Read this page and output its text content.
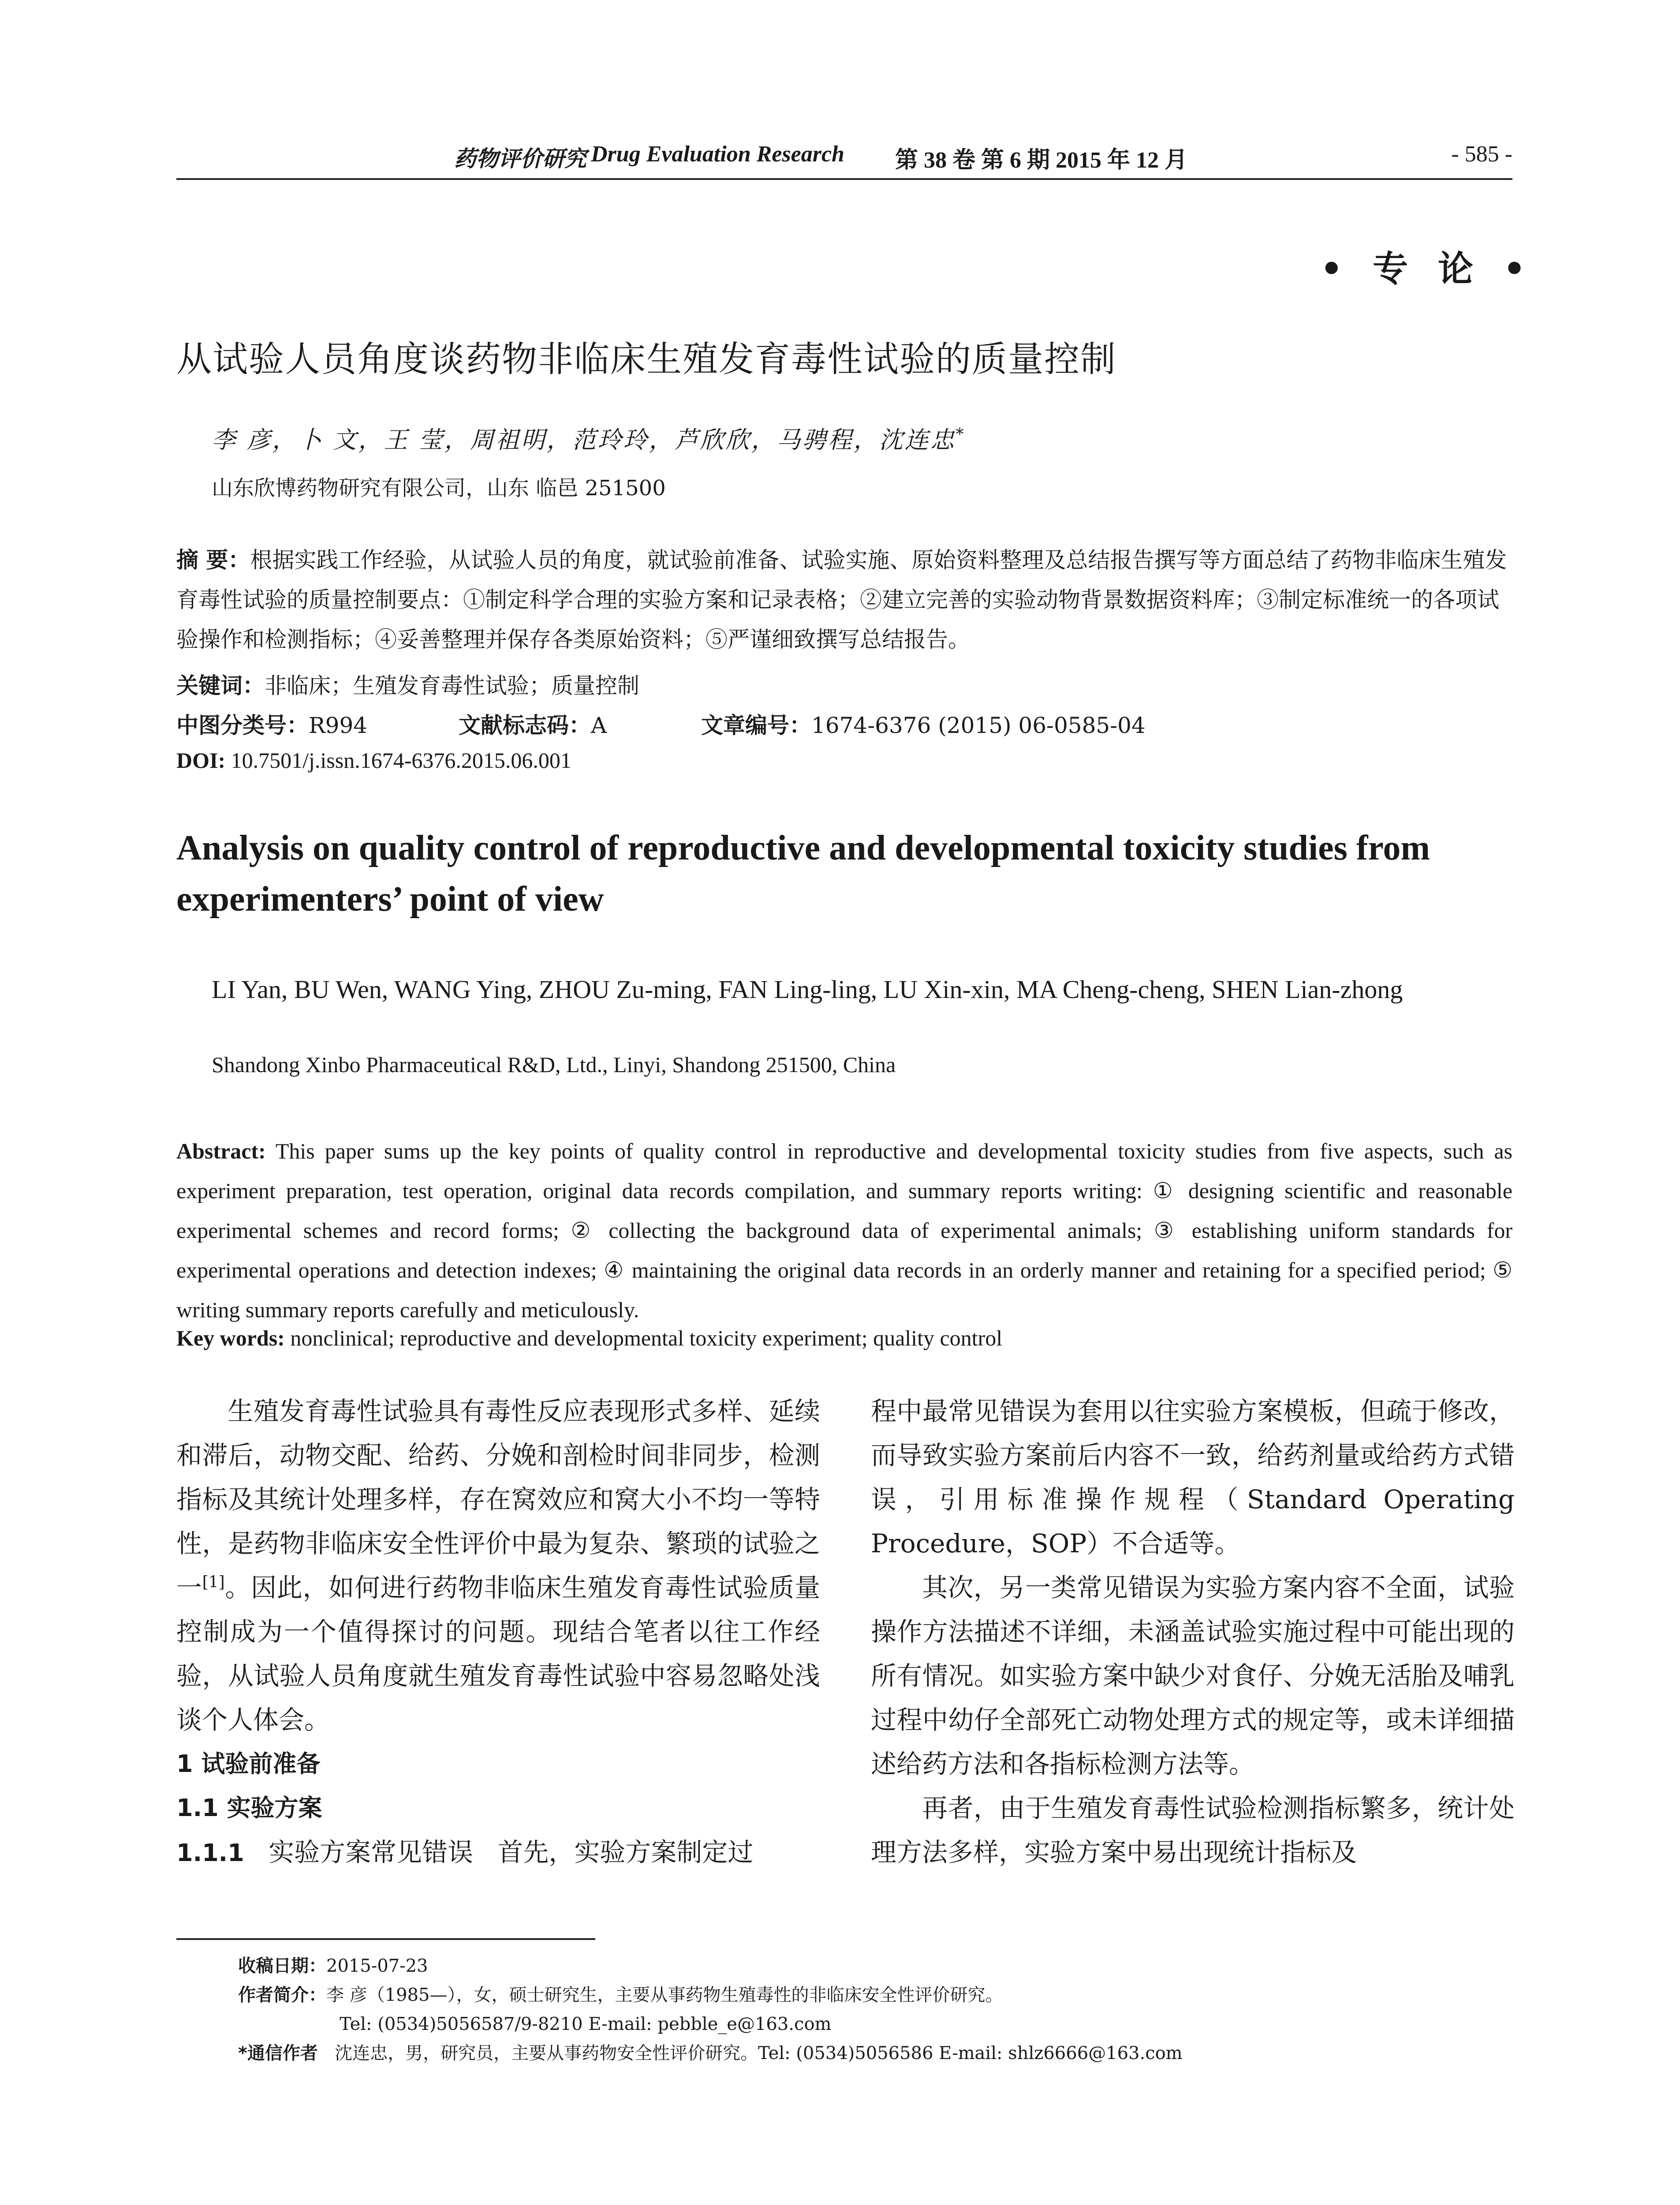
药物评价研究 Drug Evaluation Research 第 38 卷 第 6 期 2015 年 12 月	- 585 -
• 专 论 •
从试验人员角度谈药物非临床生殖发育毒性试验的质量控制
李 彦，卜 文，王 莹，周祖明，范玲玲，芦欣欣，马骋程，沈连忠*
山东欣博药物研究有限公司，山东 临邑 251500
摘 要：根据实践工作经验，从试验人员的角度，就试验前准备、试验实施、原始资料整理及总结报告撰写等方面总结了药物非临床生殖发育毒性试验的质量控制要点：①制定科学合理的实验方案和记录表格；②建立完善的实验动物背景数据资料库；③制定标准统一的各项试验操作和检测指标；④妥善整理并保存各类原始资料；⑤严谨细致撰写总结报告。
关键词：非临床；生殖发育毒性试验；质量控制
中图分类号：R994	文献标志码：A	文章编号：1674-6376 (2015) 06-0585-04
DOI: 10.7501/j.issn.1674-6376.2015.06.001
Analysis on quality control of reproductive and developmental toxicity studies from experimenters’ point of view
LI Yan, BU Wen, WANG Ying, ZHOU Zu-ming, FAN Ling-ling, LU Xin-xin, MA Cheng-cheng, SHEN Lian-zhong
Shandong Xinbo Pharmaceutical R&D, Ltd., Linyi, Shandong 251500, China
Abstract: This paper sums up the key points of quality control in reproductive and developmental toxicity studies from five aspects, such as experiment preparation, test operation, original data records compilation, and summary reports writing: ① designing scientific and reasonable experimental schemes and record forms; ② collecting the background data of experimental animals; ③ establishing uniform standards for experimental operations and detection indexes; ④ maintaining the original data records in an orderly manner and retaining for a specified period; ⑤ writing summary reports carefully and meticulously.
Key words: nonclinical; reproductive and developmental toxicity experiment; quality control

生殖发育毒性试验具有毒性反应表现形式多样、延续和滞后，动物交配、给药、分娩和剖检时间非同步，检测指标及其统计处理多样，存在窝效应和窝大小不均一等特性，是药物非临床安全性评价中最为复杂、繁琐的试验之一[1]。因此，如何进行药物非临床生殖发育毒性试验质量控制成为一个值得探讨的问题。现结合笔者以往工作经验，从试验人员角度就生殖发育毒性试验中容易忽略处浅谈个人体会。

1 试验前准备

1.1 实验方案

1.1.1 实验方案常见错误 首先，实验方案制定过

程中最常见错误为套用以往实验方案模板，但疏于修改，而导致实验方案前后内容不一致，给药剂量或给药方式错误，引用标准操作规程（Standard Operating Procedure，SOP）不合适等。

其次，另一类常见错误为实验方案内容不全面，试验操作方法描述不详细，未涵盖试验实施过程中可能出现的所有情况。如实验方案中缺少对食仔、分娩无活胎及哺乳过程中幼仔全部死亡动物处理方式的规定等，或未详细描述给药方法和各指标检测方法等。

再者，由于生殖发育毒性试验检测指标繁多，统计处理方法多样，实验方案中易出现统计指标及

收稿日期：2015-07-23
作者简介：李 彦（1985—），女，硕士研究生，主要从事药物生殖毒性的非临床安全性评价研究。
Tel: (0534)5056587/9-8210 E-mail: pebble_e@163.com
*通信作者 沈连忠，男，研究员，主要从事药物安全性评价研究。Tel: (0534)5056586 E-mail: shlz6666@163.com
